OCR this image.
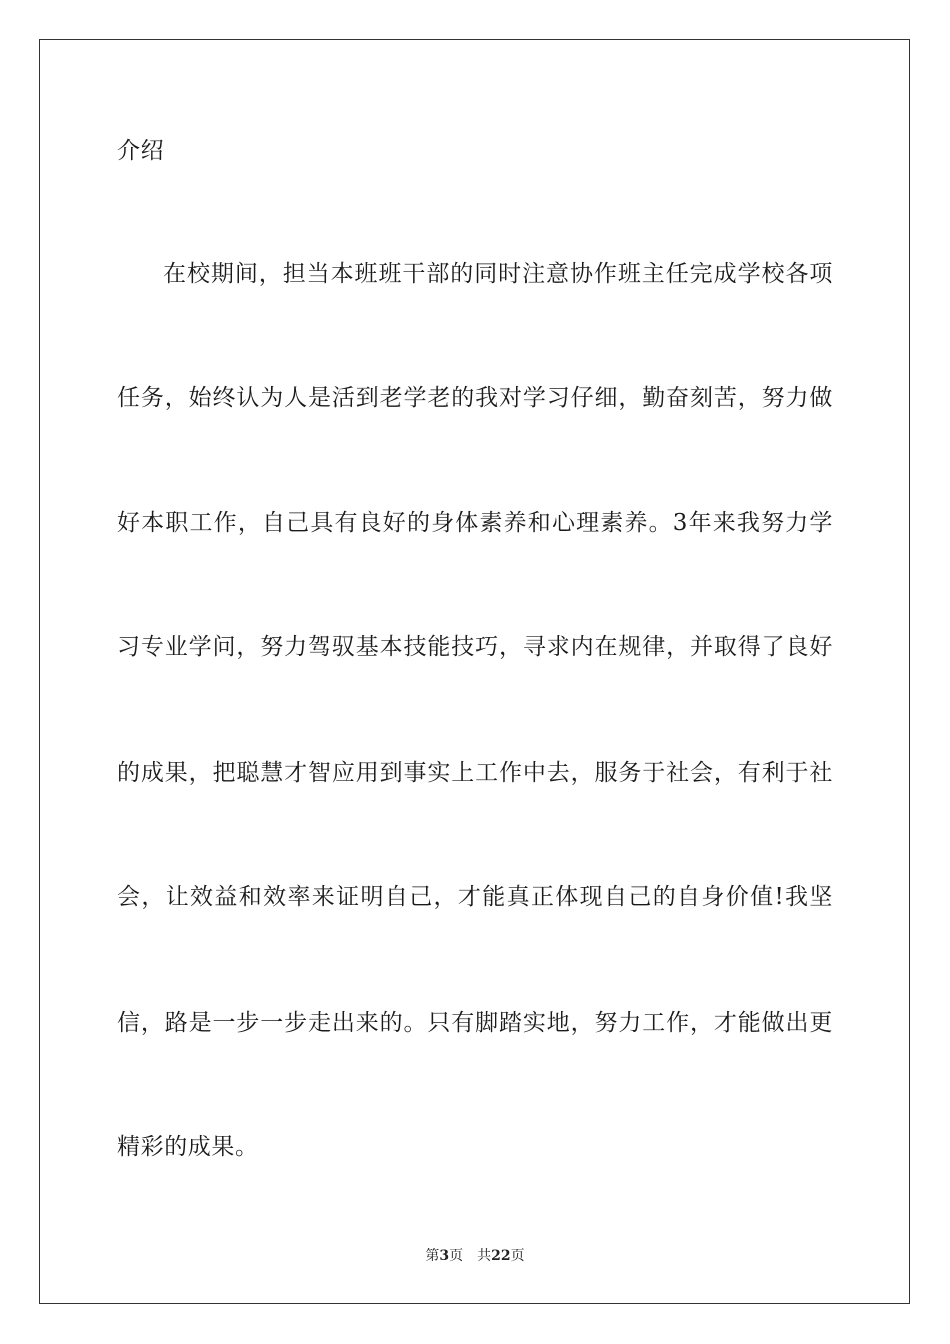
介绍
在校期间，担当本班班干部的同时注意协作班主任完成学校各项
任务，始终认为人是活到老学老的我对学习仔细，勤奋刻苦，努力做
好本职工作，自己具有良好的身体素养和心理素养。3年来我努力学
习专业学问，努力驾驭基本技能技巧，寻求内在规律，并取得了良好
的成果，把聪慧才智应用到事实上工作中去，服务于社会，有利于社
会，让效益和效率来证明自己，才能真正体现自己的自身价值!我坚
信，路是一步一步走出来的。只有脚踏实地，努力工作，才能做出更
精彩的成果。
第3页 共22页
